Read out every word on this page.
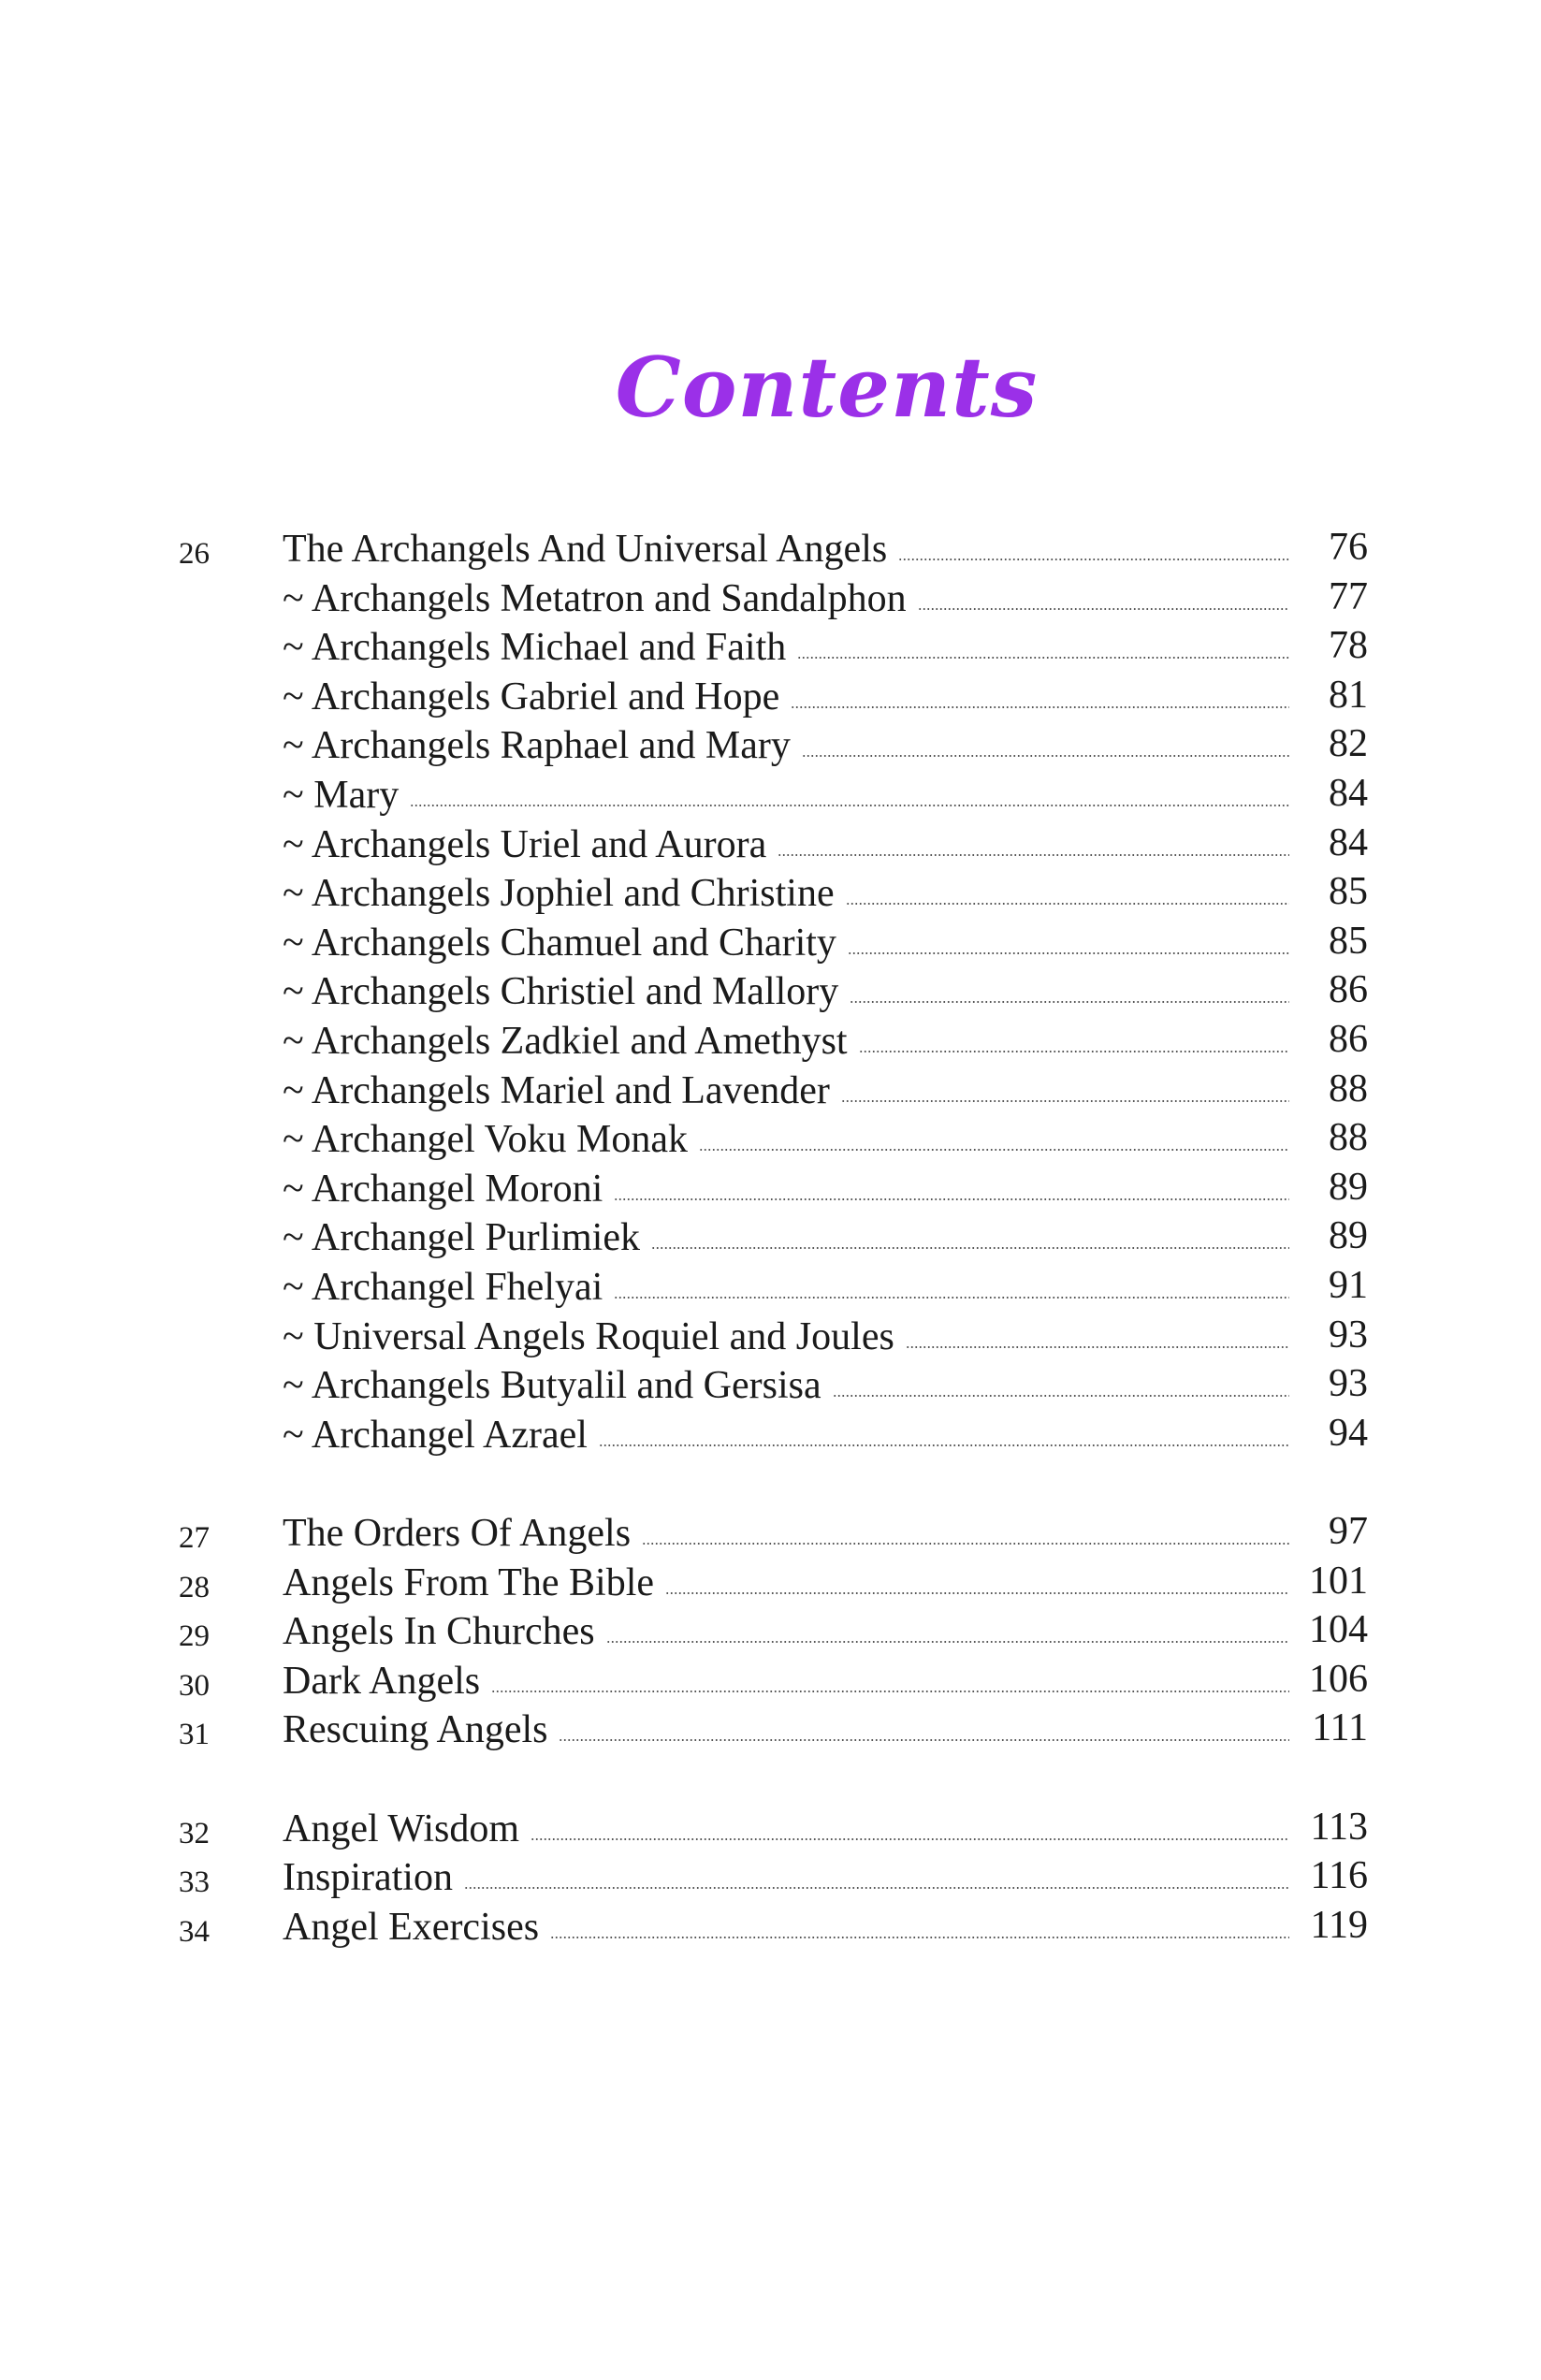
Contents
26 The Archangels And Universal Angels	76
~ Archangels Metatron and Sandalphon	77
~ Archangels Michael and Faith	78
~ Archangels Gabriel and Hope	81
~ Archangels Raphael and Mary	82
~ Mary	84
~ Archangels Uriel and Aurora	84
~ Archangels Jophiel and Christine	85
~ Archangels Chamuel and Charity	85
~ Archangels Christiel and Mallory	86
~ Archangels Zadkiel and Amethyst	86
~ Archangels Mariel and Lavender	88
~ Archangel Voku Monak	88
~ Archangel Moroni	89
~ Archangel Purlimiek	89
~ Archangel Fhelyai	91
~ Universal Angels Roquiel and Joules	93
~ Archangels Butyalil and Gersisa	93
~ Archangel Azrael	94
27 The Orders Of Angels	97
28 Angels From The Bible	101
29 Angels In Churches	104
30 Dark Angels	106
31 Rescuing Angels	111
32 Angel Wisdom	113
33 Inspiration	116
34 Angel Exercises	119
